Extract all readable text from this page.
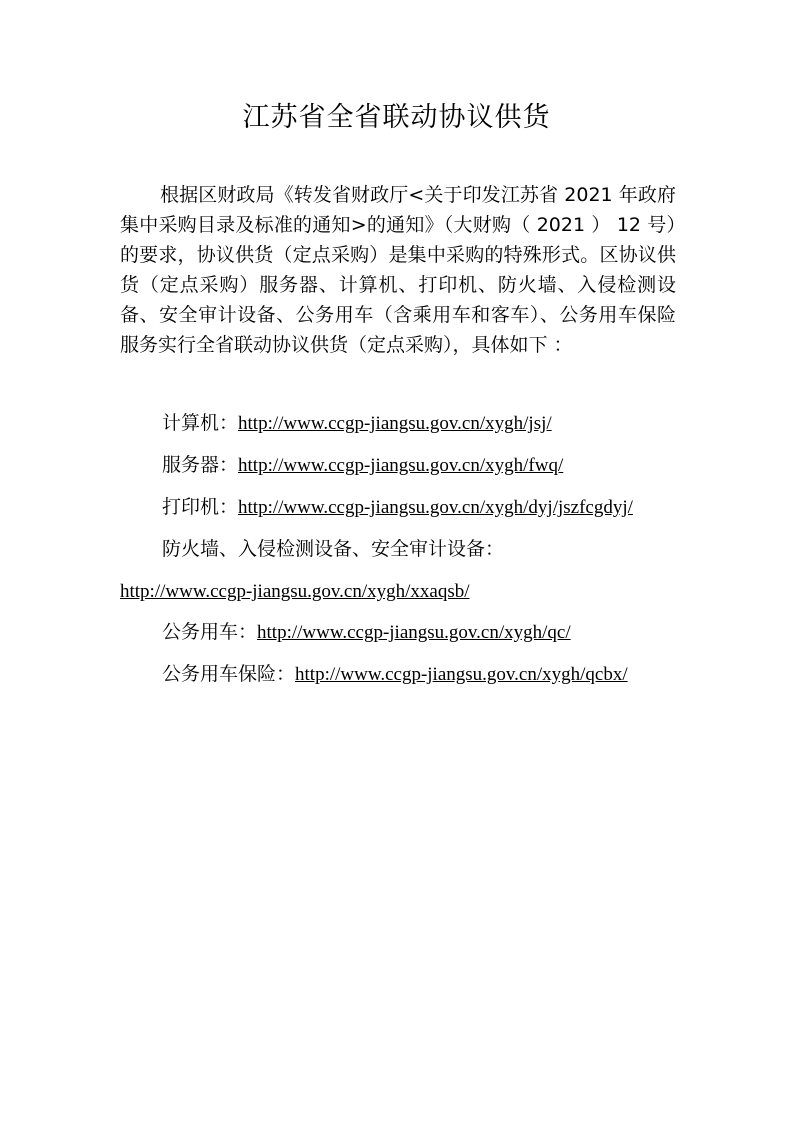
江苏省全省联动协议供货
根据区财政局《转发省财政厅<关于印发江苏省 2021 年政府集中采购目录及标准的通知>的通知》（大财购（ 2021 ） 12 号）的要求，协议供货（定点采购）是集中采购的特殊形式。区协议供货（定点采购）服务器、计算机、打印机、防火墙、入侵检测设备、安全审计设备、公务用车（含乘用车和客车）、公务用车保险服务实行全省联动协议供货（定点采购），具体如下 ：
计算机：http://www.ccgp-jiangsu.gov.cn/xygh/jsj/
服务器：http://www.ccgp-jiangsu.gov.cn/xygh/fwq/
打印机：http://www.ccgp-jiangsu.gov.cn/xygh/dyj/jszfcgdyj/
防火墙、入侵检测设备、安全审计设备：
http://www.ccgp-jiangsu.gov.cn/xygh/xxaqsb/
公务用车：http://www.ccgp-jiangsu.gov.cn/xygh/qc/
公务用车保险：http://www.ccgp-jiangsu.gov.cn/xygh/qcbx/
